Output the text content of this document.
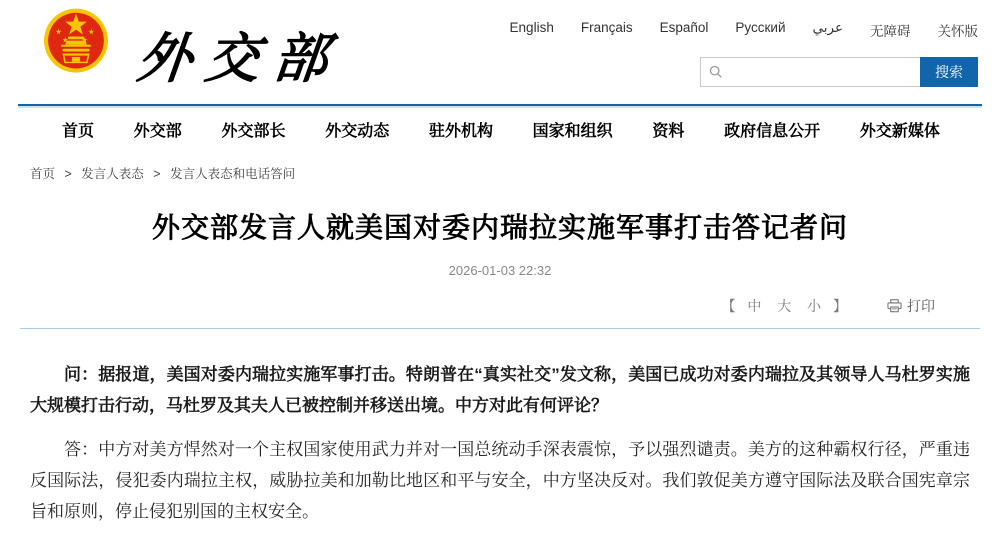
外交部	English Français Español Русский عربي 无障碍 关怀版
搜索
首页 外交部 外交部长 外交动态 驻外机构 国家和组织 资料 政府信息公开 外交新媒体
首页 > 发言人表态 > 发言人表态和电话答问
外交部发言人就美国对委内瑞拉实施军事打击答记者问
2026-01-03 22:32
【 中 大 小 】	打印

问：据报道，美国对委内瑞拉实施军事打击。特朗普在“真实社交”发文称，美国已成功对委内瑞拉及其领导人马杜罗实施大规模打击行动，马杜罗及其夫人已被控制并移送出境。中方对此有何评论？

答：中方对美方悍然对一个主权国家使用武力并对一国总统动手深表震惊，予以强烈谴责。美方的这种霸权行径，严重违反国际法，侵犯委内瑞拉主权，威胁拉美和加勒比地区和平与安全，中方坚决反对。我们敦促美方遵守国际法及联合国宪章宗旨和原则，停止侵犯别国的主权安全。
